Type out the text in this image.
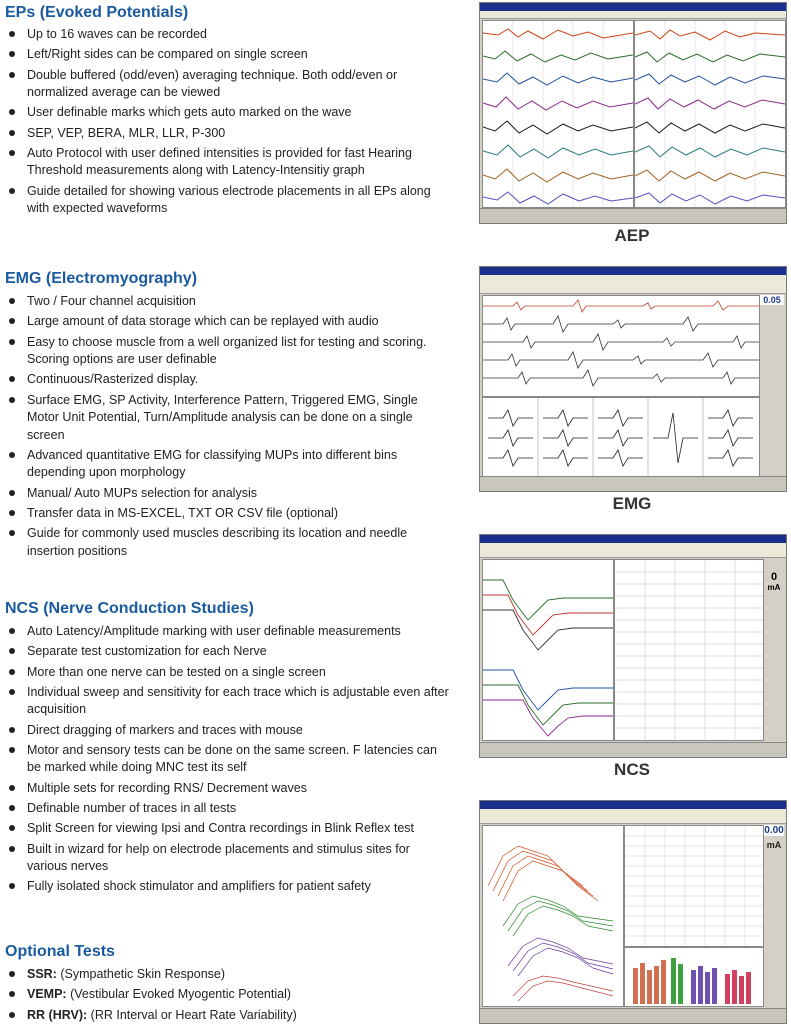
EPs (Evoked Potentials)
Up to 16 waves can be recorded
Left/Right sides can be compared on single screen
Double buffered (odd/even) averaging technique. Both odd/even or normalized average can be viewed
User definable marks which gets auto marked on the wave
SEP, VEP, BERA, MLR, LLR, P-300
Auto Protocol with user defined intensities is provided for fast Hearing Threshold measurements along with Latency-Intensitiy graph
Guide detailed for showing various electrode placements in all EPs along with expected waveforms
AEP
EMG (Electromyography)
Two / Four channel acquisition
Large amount of data storage which can be replayed with audio
Easy to choose muscle from a well organized list for testing and scoring. Scoring options are user definable
Continuous/Rasterized display.
Surface EMG, SP Activity, Interference Pattern, Triggered EMG, Single Motor Unit Potential, Turn/Amplitude analysis can be done on a single screen
Advanced quantitative EMG for classifying MUPs into different bins depending upon morphology
Manual/ Auto MUPs selection for analysis
Transfer data in MS-EXCEL, TXT OR CSV file (optional)
Guide for commonly used muscles describing its location and needle insertion positions
0.05
EMG
NCS (Nerve Conduction Studies)
Auto Latency/Amplitude marking with user definable measurements
Separate test customization for each Nerve
More than one nerve can be tested on a single screen
Individual sweep and sensitivity for each trace which is adjustable even after acquisition
Direct dragging of markers and traces with mouse
Motor and sensory tests can be done on the same screen. F latencies can be marked while doing MNC test its self
Multiple sets for recording RNS/ Decrement waves
Definable number of traces in all tests
Split Screen for viewing Ipsi and Contra recordings in Blink Reflex test
Built in wizard for help on electrode placements and stimulus sites for various nerves
Fully isolated shock stimulator and amplifiers for patient safety
0
mA
NCS
0.00
mA
Optional Tests
SSR: (Sympathetic Skin Response)
VEMP: (Vestibular Evoked Myogentic Potential)
RR (HRV): (RR Interval or Heart Rate Variability)
